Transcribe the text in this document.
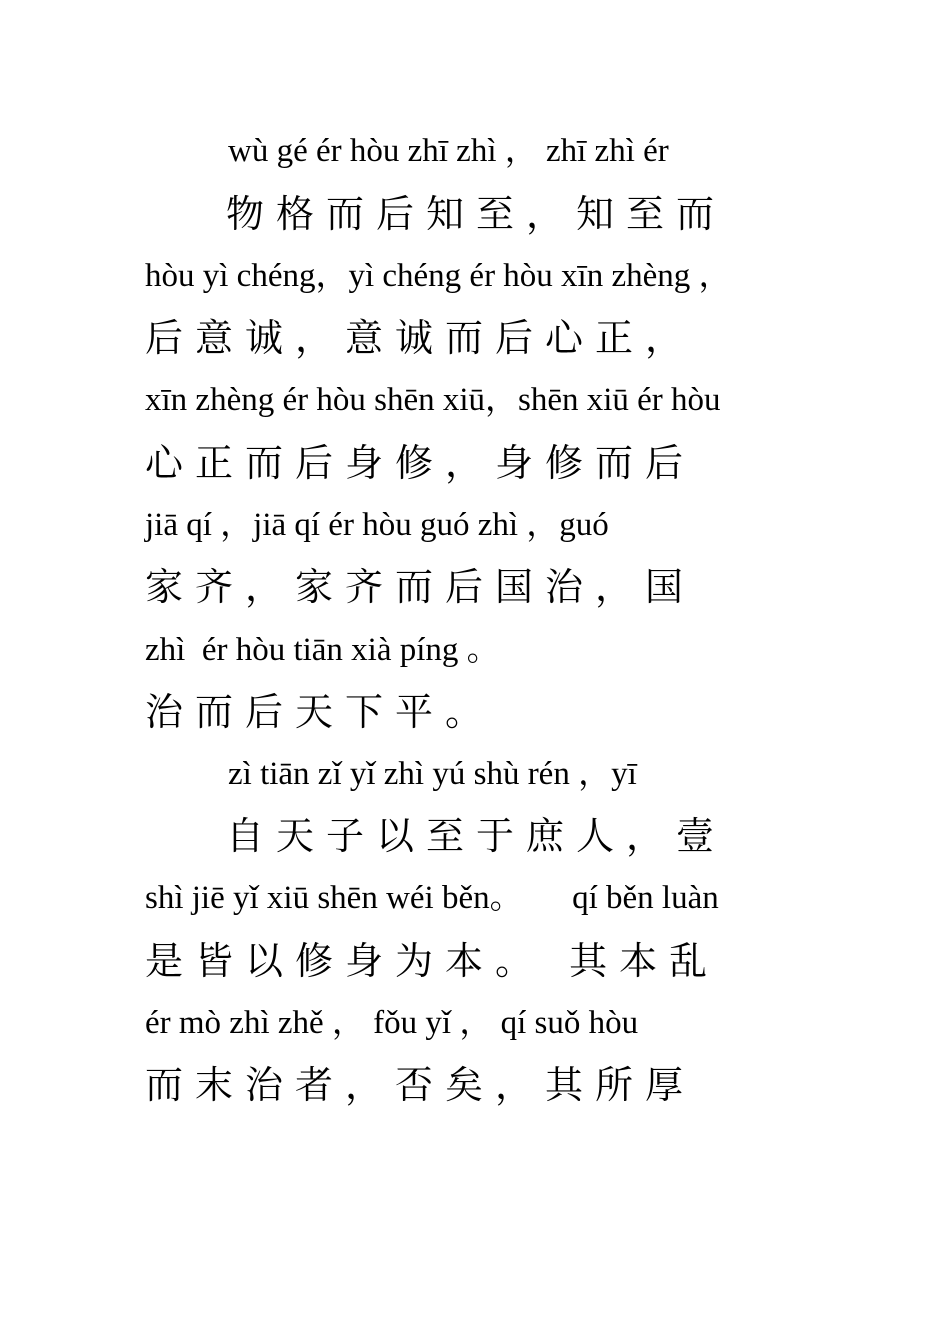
wù gé ér hòu zhī zhì ， zhī zhì ér

物格而后知至，知至而

hòu yì chéng，yì chéng ér hòu xīn zhèng ，

后意诚，意诚而后心正，

xīn zhèng ér hòu shēn xiū，shēn xiū ér hòu

心正而后身修，身修而后

jiā qí ，jiā qí ér hòu guó zhì ，guó

家齐，家齐而后国治，国

zhì  ér hòu tiān xià píng 。

治而后天下平。

zì tiān zǐ yǐ zhì yú shù rén ，yī

自天子以至于庶人，壹

shì jiē yǐ xiū shēn wéi běn。      qí běn luàn

是皆以修身为本。 其本乱

ér mò zhì zhě ， fǒu yǐ ， qí suǒ hòu

而末治者，否矣，其所厚
